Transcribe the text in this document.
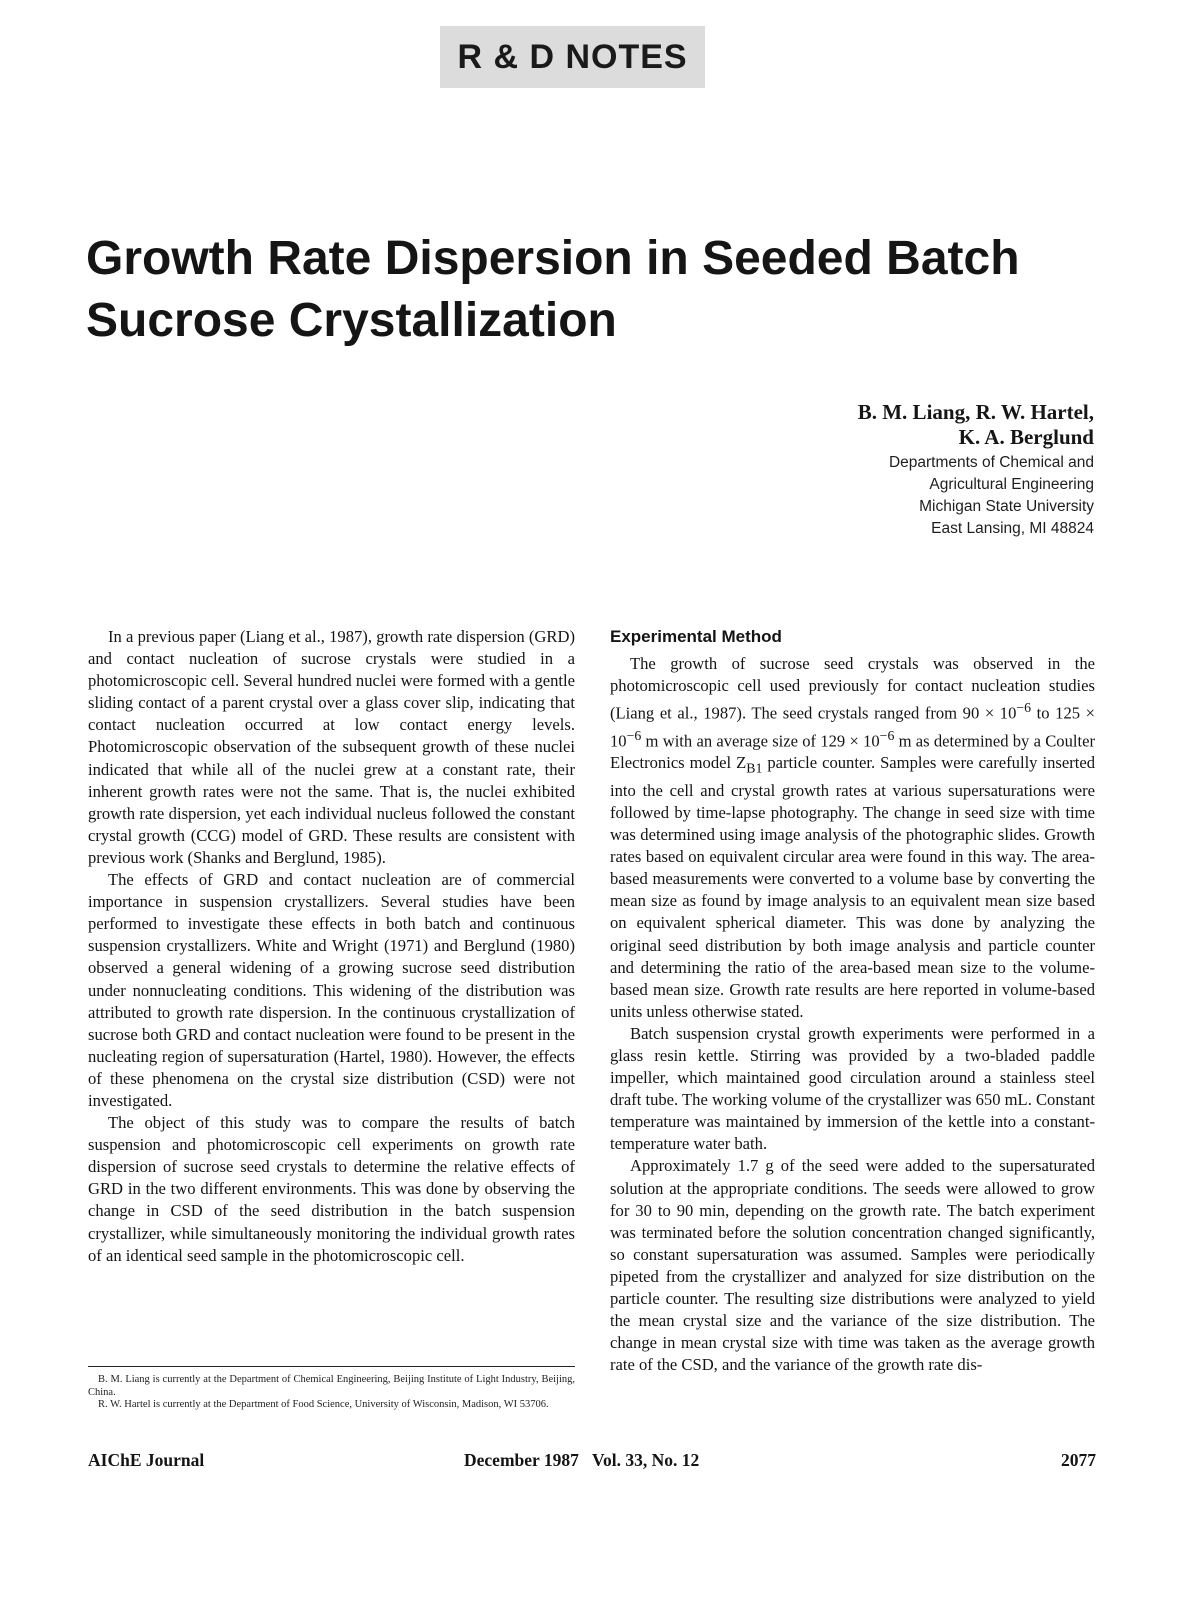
R & D NOTES
Growth Rate Dispersion in Seeded Batch
Sucrose Crystallization
B. M. Liang, R. W. Hartel,
K. A. Berglund
Departments of Chemical and
Agricultural Engineering
Michigan State University
East Lansing, MI 48824

In a previous paper (Liang et al., 1987), growth rate dispersion (GRD) and contact nucleation of sucrose crystals were studied in a photomicroscopic cell. Several hundred nuclei were formed with a gentle sliding contact of a parent crystal over a glass cover slip, indicating that contact nucleation occurred at low contact energy levels. Photomicroscopic observation of the subsequent growth of these nuclei indicated that while all of the nuclei grew at a constant rate, their inherent growth rates were not the same. That is, the nuclei exhibited growth rate dispersion, yet each individual nucleus followed the constant crystal growth (CCG) model of GRD. These results are consistent with previous work (Shanks and Berglund, 1985).

The effects of GRD and contact nucleation are of commercial importance in suspension crystallizers. Several studies have been performed to investigate these effects in both batch and continuous suspension crystallizers. White and Wright (1971) and Berglund (1980) observed a general widening of a growing sucrose seed distribution under nonnucleating conditions. This widening of the distribution was attributed to growth rate dispersion. In the continuous crystallization of sucrose both GRD and contact nucleation were found to be present in the nucleating region of supersaturation (Hartel, 1980). However, the effects of these phenomena on the crystal size distribution (CSD) were not investigated.

The object of this study was to compare the results of batch suspension and photomicroscopic cell experiments on growth rate dispersion of sucrose seed crystals to determine the relative effects of GRD in the two different environments. This was done by observing the change in CSD of the seed distribution in the batch suspension crystallizer, while simultaneously monitoring the individual growth rates of an identical seed sample in the photomicroscopic cell.

B. M. Liang is currently at the Department of Chemical Engineering, Beijing Institute of Light Industry, Beijing, China.

R. W. Hartel is currently at the Department of Food Science, University of Wisconsin, Madison, WI 53706.

Experimental Method

The growth of sucrose seed crystals was observed in the photomicroscopic cell used previously for contact nucleation studies (Liang et al., 1987). The seed crystals ranged from $90 \times 10^{-6}$ to $125 \times 10^{-6}$ m with an average size of $129 \times 10^{-6}$ m as determined by a Coulter Electronics model $Z_{B1}$ particle counter. Samples were carefully inserted into the cell and crystal growth rates at various supersaturations were followed by time-lapse photography. The change in seed size with time was determined using image analysis of the photographic slides. Growth rates based on equivalent circular area were found in this way. The area-based measurements were converted to a volume base by converting the mean size as found by image analysis to an equivalent mean size based on equivalent spherical diameter. This was done by analyzing the original seed distribution by both image analysis and particle counter and determining the ratio of the area-based mean size to the volume-based mean size. Growth rate results are here reported in volume-based units unless otherwise stated.

Batch suspension crystal growth experiments were performed in a glass resin kettle. Stirring was provided by a two-bladed paddle impeller, which maintained good circulation around a stainless steel draft tube. The working volume of the crystallizer was 650 mL. Constant temperature was maintained by immersion of the kettle into a constant-temperature water bath.

Approximately 1.7 g of the seed were added to the supersaturated solution at the appropriate conditions. The seeds were allowed to grow for 30 to 90 min, depending on the growth rate. The batch experiment was terminated before the solution concentration changed significantly, so constant supersaturation was assumed. Samples were periodically pipeted from the crystallizer and analyzed for size distribution on the particle counter. The resulting size distributions were analyzed to yield the mean crystal size and the variance of the size distribution. The change in mean crystal size with time was taken as the average growth rate of the CSD, and the variance of the growth rate dis-

AIChE Journal	December 1987 Vol. 33, No. 12	2077
